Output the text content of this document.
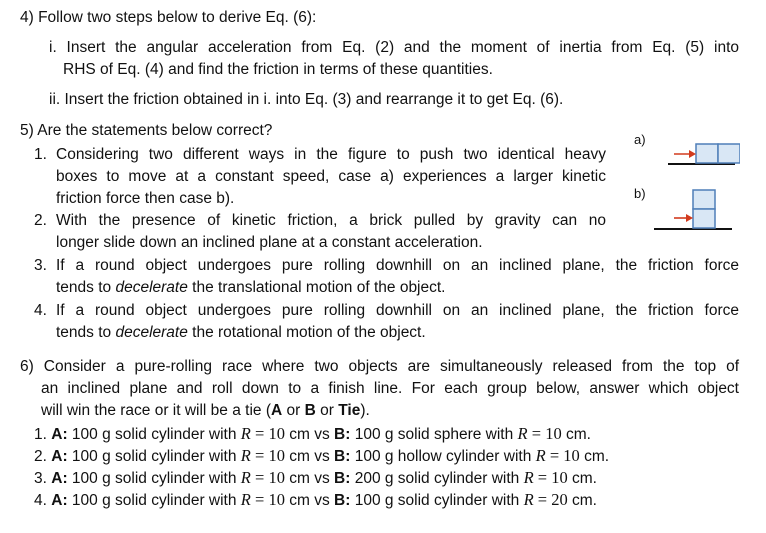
4) Follow two steps below to derive Eq. (6):
i. Insert the angular acceleration from Eq. (2) and the moment of inertia from Eq. (5) into
RHS of Eq. (4) and find the friction in terms of these quantities.
ii. Insert the friction obtained in i. into Eq. (3) and rearrange it to get Eq. (6).
5) Are the statements below correct?
1. Considering two different ways in the figure to push two identical heavy
boxes to move at a constant speed, case a) experiences a larger kinetic
friction force then case b).
2. With the presence of kinetic friction, a brick pulled by gravity can no
longer slide down an inclined plane at a constant acceleration.
3. If a round object undergoes pure rolling downhill on an inclined plane, the friction force
tends to decelerate the translational motion of the object.
4. If a round object undergoes pure rolling downhill on an inclined plane, the friction force
tends to decelerate the rotational motion of the object.
a)
b)
6) Consider a pure-rolling race where two objects are simultaneously released from the top of
an inclined plane and roll down to a finish line. For each group below, answer which object
will win the race or it will be a tie (A or B or Tie).
1. A: 100 g solid cylinder with R = 10 cm vs B: 100 g solid sphere with R = 10 cm.
2. A: 100 g solid cylinder with R = 10 cm vs B: 100 g hollow cylinder with R = 10 cm.
3. A: 100 g solid cylinder with R = 10 cm vs B: 200 g solid cylinder with R = 10 cm.
4. A: 100 g solid cylinder with R = 10 cm vs B: 100 g solid cylinder with R = 20 cm.
